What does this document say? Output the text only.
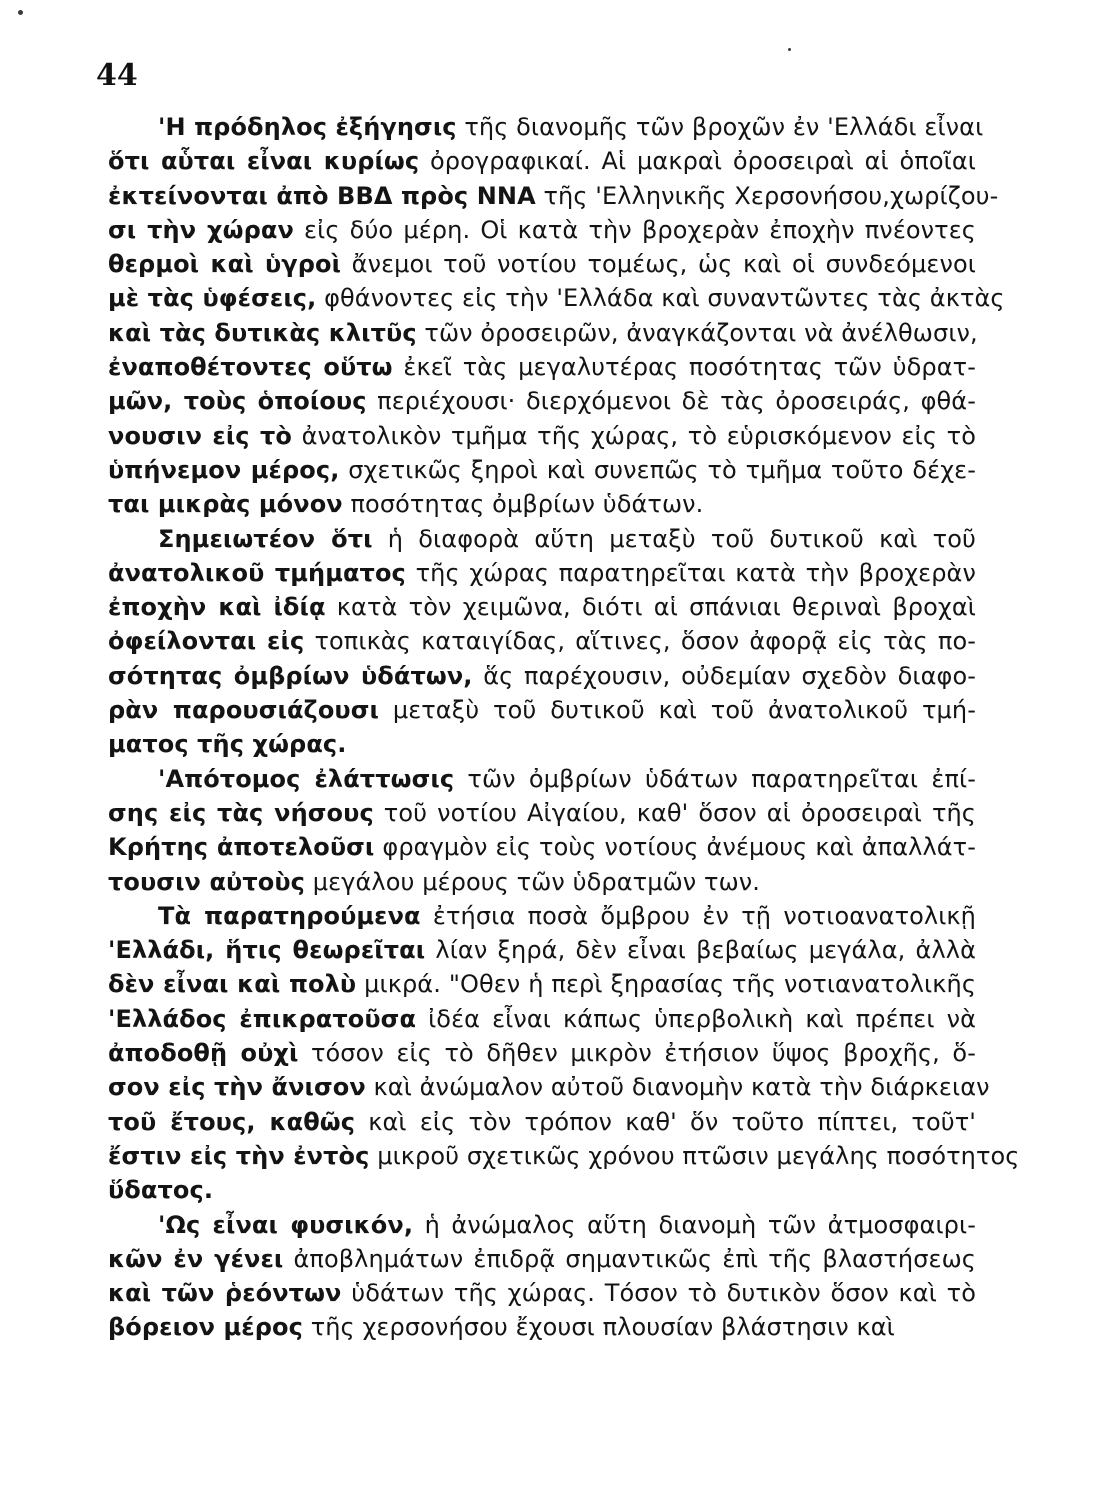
44
'Η πρόδηλος ἐξήγησις τῆς διανομῆς τῶν βροχῶν ἐν 'Ελλάδι εἶναι
ὅτι αὗται εἶναι κυρίως ὀρογραφικαί. Αἱ μακραὶ ὀροσειραὶ αἱ ὁποῖαι
ἐκτείνονται ἀπὸ ΒΒΔ πρὸς ΝΝΑ τῆς 'Ελληνικῆς Χερσονήσου,χωρίζου-
σι τὴν χώραν εἰς δύο μέρη. Οἱ κατὰ τὴν βροχερὰν ἐποχὴν πνέοντες
θερμοὶ καὶ ὑγροὶ ἄνεμοι τοῦ νοτίου τομέως, ὡς καὶ οἱ συνδεόμενοι
μὲ τὰς ὑφέσεις, φθάνοντες εἰς τὴν 'Ελλάδα καὶ συναντῶντες τὰς ἀκτὰς
καὶ τὰς δυτικὰς κλιτῦς τῶν ὀροσειρῶν, ἀναγκάζονται νὰ ἀνέλθωσιν,
ἐναποθέτοντες οὕτω ἐκεῖ τὰς μεγαλυτέρας ποσότητας τῶν ὑδρατ-
μῶν, τοὺς ὁποίους περιέχουσι· διερχόμενοι δὲ τὰς ὀροσειράς, φθά-
νουσιν εἰς τὸ ἀνατολικὸν τμῆμα τῆς χώρας, τὸ εὑρισκόμενον εἰς τὸ
ὑπήνεμον μέρος, σχετικῶς ξηροὶ καὶ συνεπῶς τὸ τμῆμα τοῦτο δέχε-
ται μικρὰς μόνον ποσότητας ὀμβρίων ὑδάτων.
Σημειωτέον ὅτι ἡ διαφορὰ αὕτη μεταξὺ τοῦ δυτικοῦ καὶ τοῦ
ἀνατολικοῦ τμήματος τῆς χώρας παρατηρεῖται κατὰ τὴν βροχερὰν
ἐποχὴν καὶ ἰδίᾳ κατὰ τὸν χειμῶνα, διότι αἱ σπάνιαι θεριναὶ βροχαὶ
ὀφείλονται εἰς τοπικὰς καταιγίδας, αἵτινες, ὅσον ἀφορᾷ εἰς τὰς πο-
σότητας ὀμβρίων ὑδάτων, ἅς παρέχουσιν, οὐδεμίαν σχεδὸν διαφο-
ρὰν παρουσιάζουσι μεταξὺ τοῦ δυτικοῦ καὶ τοῦ ἀνατολικοῦ τμή-
ματος τῆς χώρας.
'Απότομος ἐλάττωσις τῶν ὀμβρίων ὑδάτων παρατηρεῖται ἐπί-
σης εἰς τὰς νήσους τοῦ νοτίου Αἰγαίου, καθ' ὅσον αἱ ὀροσειραὶ τῆς
Κρήτης ἀποτελοῦσι φραγμὸν εἰς τοὺς νοτίους ἀνέμους καὶ ἀπαλλάτ-
τουσιν αὐτοὺς μεγάλου μέρους τῶν ὑδρατμῶν των.
Τὰ παρατηρούμενα ἐτήσια ποσὰ ὄμβρου ἐν τῇ νοτιοανατολικῇ
'Ελλάδι, ἥτις θεωρεῖται λίαν ξηρά, δὲν εἶναι βεβαίως μεγάλα, ἀλλὰ
δὲν εἶναι καὶ πολὺ μικρά. "Οθεν ἡ περὶ ξηρασίας τῆς νοτιανατολικῆς
'Ελλάδος ἐπικρατοῦσα ἰδέα εἶναι κάπως ὑπερβολικὴ καὶ πρέπει νὰ
ἀποδοθῇ οὐχὶ τόσον εἰς τὸ δῆθεν μικρὸν ἐτήσιον ὕψος βροχῆς, ὅ-
σον εἰς τὴν ἄνισον καὶ ἀνώμαλον αὐτοῦ διανομὴν κατὰ τὴν διάρκειαν
τοῦ ἔτους, καθῶς καὶ εἰς τὸν τρόπον καθ' ὅν τοῦτο πίπτει, τοῦτ'
ἔστιν εἰς τὴν ἐντὸς μικροῦ σχετικῶς χρόνου πτῶσιν μεγάλης ποσότητος
ὕδατος.
'Ως εἶναι φυσικόν, ἡ ἀνώμαλος αὕτη διανομὴ τῶν ἀτμοσφαιρι-
κῶν ἐν γένει ἀποβλημάτων ἐπιδρᾷ σημαντικῶς ἐπὶ τῆς βλαστήσεως
καὶ τῶν ῥεόντων ὑδάτων τῆς χώρας. Τόσον τὸ δυτικὸν ὅσον καὶ τὸ
βόρειον μέρος τῆς χερσονήσου ἔχουσι πλουσίαν βλάστησιν καὶ
